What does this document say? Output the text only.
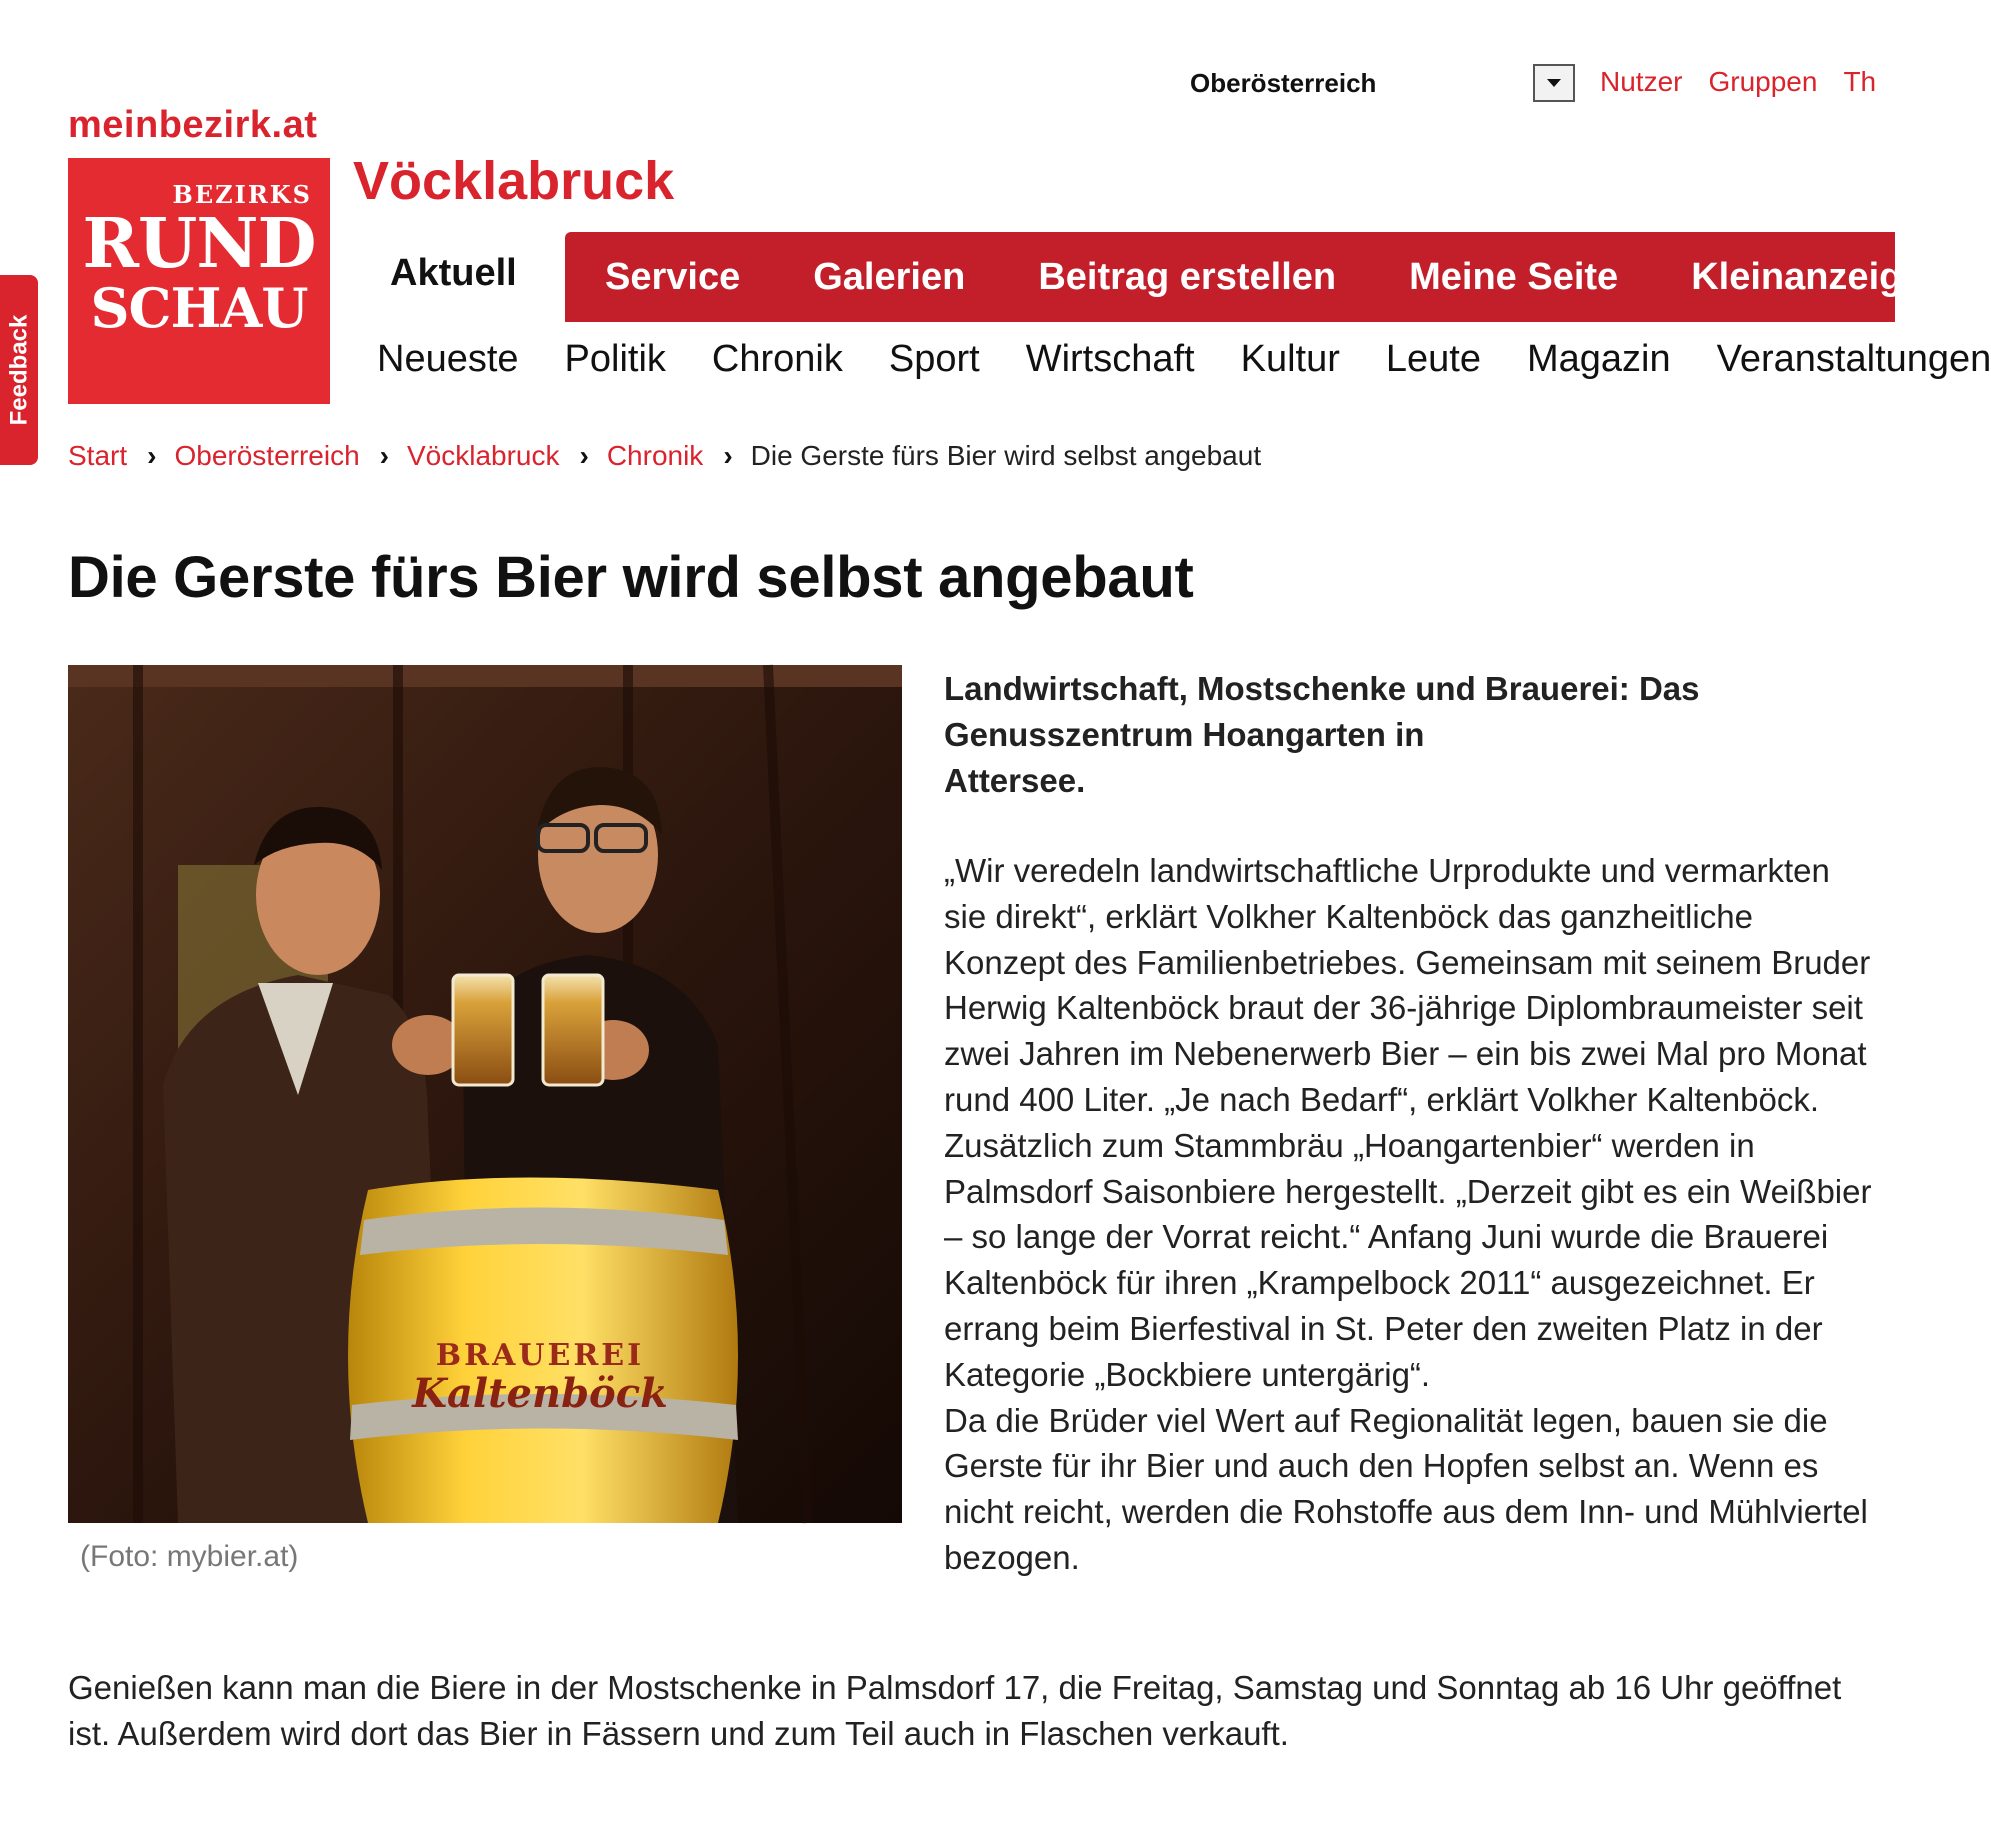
Feedback
Oberösterreich	Nutzer Gruppen Th
meinbezirk.at
BEZIRKS
RUND
SCHAU
Vöcklabruck
Aktuell Service Galerien Beitrag erstellen Meine Seite Kleinanzeigen
Neueste Politik Chronik Sport Wirtschaft Kultur Leute Magazin Veranstaltungen
Start › Oberösterreich › Vöcklabruck › Chronik › Die Gerste fürs Bier wird selbst angebaut
Die Gerste fürs Bier wird selbst angebaut
BRAUEREI
Kaltenböck
(Foto: mybier.at)
Landwirtschaft, Mostschenke und Brauerei: Das
Genusszentrum Hoangarten in
Attersee.

„Wir veredeln landwirtschaftliche Urprodukte und vermarkten sie direkt“, erklärt Volkher Kaltenböck das ganzheitliche Konzept des Familienbetriebes. Gemeinsam mit seinem Bruder Herwig Kaltenböck braut der 36-jährige Diplombraumeister seit zwei Jahren im Nebenerwerb Bier – ein bis zwei Mal pro Monat rund 400 Liter. „Je nach Bedarf“, erklärt Volkher Kaltenböck. Zusätzlich zum Stammbräu „Hoangartenbier“ werden in Palmsdorf Saisonbiere hergestellt. „Derzeit gibt es ein Weißbier – so lange der Vorrat reicht.“ Anfang Juni wurde die Brauerei Kaltenböck für ihren „Krampelbock 2011“ ausgezeichnet. Er errang beim Bierfestival in St. Peter den zweiten Platz in der Kategorie „Bockbiere untergärig“.

Da die Brüder viel Wert auf Regionalität legen, bauen sie die Gerste für ihr Bier und auch den Hopfen selbst an. Wenn es nicht reicht, werden die Rohstoffe aus dem Inn- und Mühlviertel bezogen.

Genießen kann man die Biere in der Mostschenke in Palmsdorf 17, die Freitag, Samstag und Sonntag ab 16 Uhr geöffnet ist. Außerdem wird dort das Bier in Fässern und zum Teil auch in Flaschen verkauft.
